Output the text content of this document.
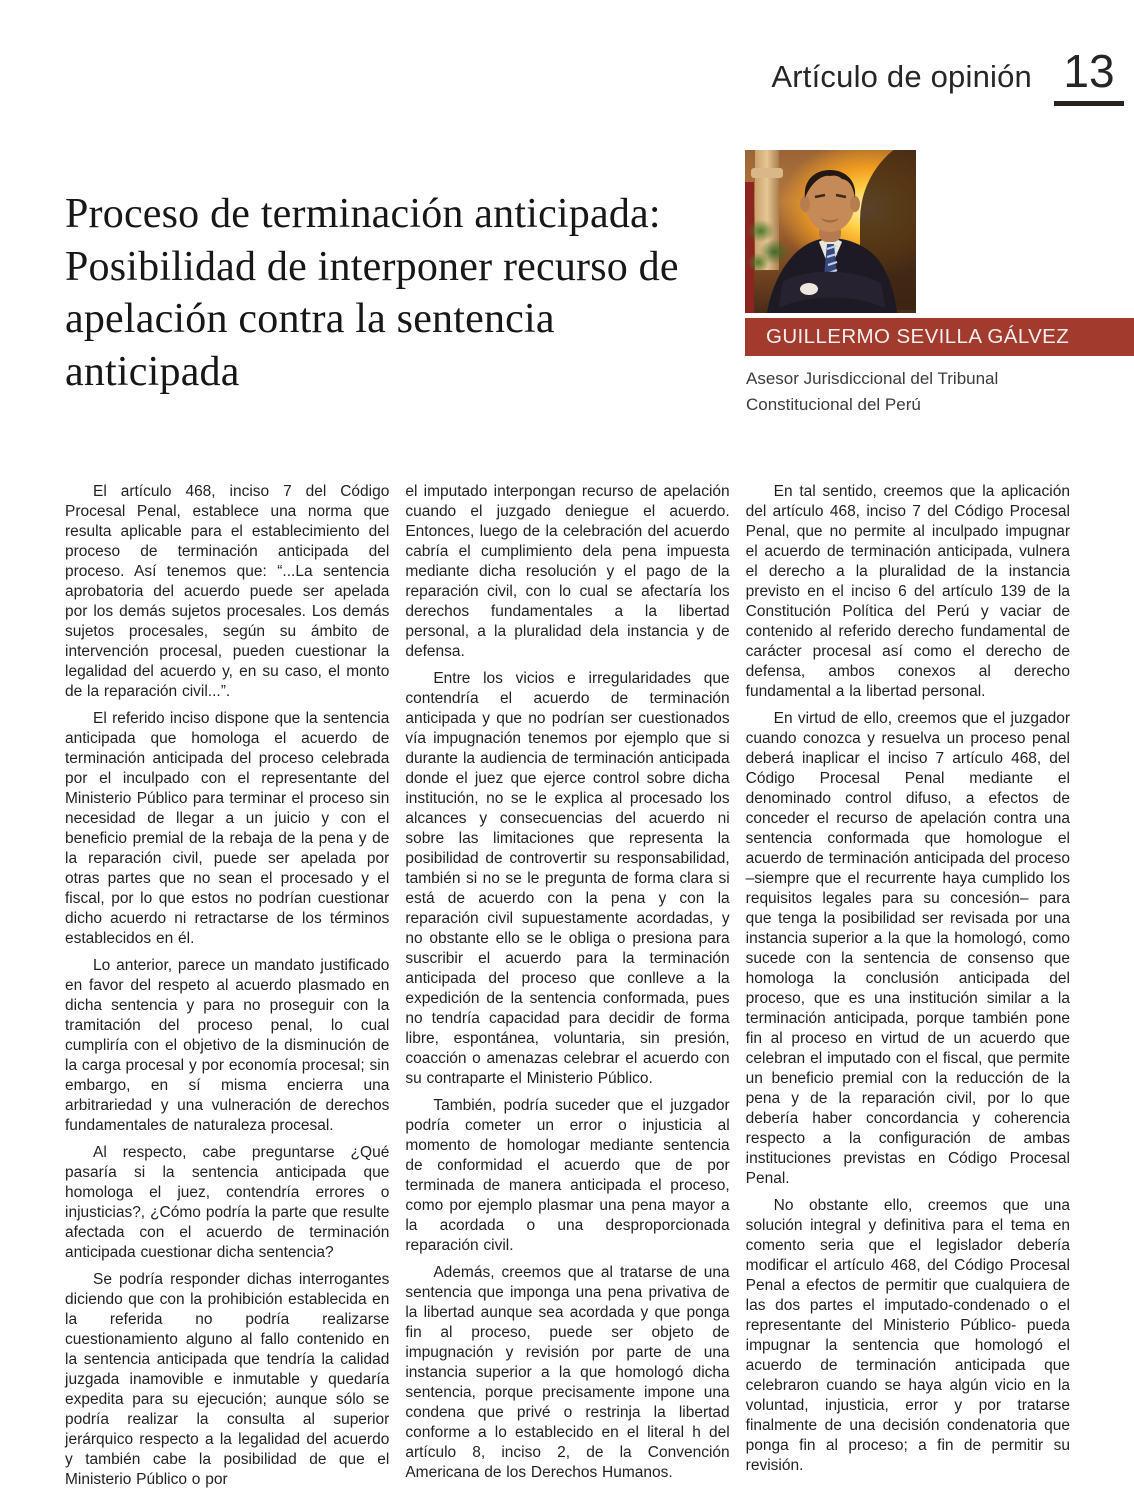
Artículo de opinión 13
Proceso de terminación anticipada: Posibilidad de interponer recurso de apelación contra la sentencia anticipada
GUILLERMO SEVILLA GÁLVEZ
Asesor Jurisdiccional del Tribunal Constitucional del Perú

El artículo 468, inciso 7 del Código Procesal Penal, establece una norma que resulta aplicable para el establecimiento del proceso de terminación anticipada del proceso. Así tenemos que: “...La sentencia aprobatoria del acuerdo puede ser apelada por los demás sujetos procesales. Los demás sujetos procesales, según su ámbito de intervención procesal, pueden cuestionar la legalidad del acuerdo y, en su caso, el monto de la reparación civil...”.

El referido inciso dispone que la sentencia anticipada que homologa el acuerdo de terminación anticipada del proceso celebrada por el inculpado con el representante del Ministerio Público para terminar el proceso sin necesidad de llegar a un juicio y con el beneficio premial de la rebaja de la pena y de la reparación civil, puede ser apelada por otras partes que no sean el procesado y el fiscal, por lo que estos no podrían cuestionar dicho acuerdo ni retractarse de los términos establecidos en él.

Lo anterior, parece un mandato justificado en favor del respeto al acuerdo plasmado en dicha sentencia y para no proseguir con la tramitación del proceso penal, lo cual cumpliría con el objetivo de la disminución de la carga procesal y por economía procesal; sin embargo, en sí misma encierra una arbitrariedad y una vulneración de derechos fundamentales de naturaleza procesal.

Al respecto, cabe preguntarse ¿Qué pasaría si la sentencia anticipada que homologa el juez, contendría errores o injusticias?, ¿Cómo podría la parte que resulte afectada con el acuerdo de terminación anticipada cuestionar dicha sentencia?

Se podría responder dichas interrogantes diciendo que con la prohibición establecida en la referida no podría realizarse cuestionamiento alguno al fallo contenido en la sentencia anticipada que tendría la calidad juzgada inamovible e inmutable y quedaría expedita para su ejecución; aunque sólo se podría realizar la consulta al superior jerárquico respecto a la legalidad del acuerdo y también cabe la posibilidad de que el Ministerio Público o por

el imputado interpongan recurso de apelación cuando el juzgado deniegue el acuerdo. Entonces, luego de la celebración del acuerdo cabría el cumplimiento dela pena impuesta mediante dicha resolución y el pago de la reparación civil, con lo cual se afectaría los derechos fundamentales a la libertad personal, a la pluralidad dela instancia y de defensa.

Entre los vicios e irregularidades que contendría el acuerdo de terminación anticipada y que no podrían ser cuestionados vía impugnación tenemos por ejemplo que si durante la audiencia de terminación anticipada donde el juez que ejerce control sobre dicha institución, no se le explica al procesado los alcances y consecuencias del acuerdo ni sobre las limitaciones que representa la posibilidad de controvertir su responsabilidad, también si no se le pregunta de forma clara si está de acuerdo con la pena y con la reparación civil supuestamente acordadas, y no obstante ello se le obliga o presiona para suscribir el acuerdo para la terminación anticipada del proceso que conlleve a la expedición de la sentencia conformada, pues no tendría capacidad para decidir de forma libre, espontánea, voluntaria, sin presión, coacción o amenazas celebrar el acuerdo con su contraparte el Ministerio Público.

También, podría suceder que el juzgador podría cometer un error o injusticia al momento de homologar mediante sentencia de conformidad el acuerdo que de por terminada de manera anticipada el proceso, como por ejemplo plasmar una pena mayor a la acordada o una desproporcionada reparación civil.

Además, creemos que al tratarse de una sentencia que imponga una pena privativa de la libertad aunque sea acordada y que ponga fin al proceso, puede ser objeto de impugnación y revisión por parte de una instancia superior a la que homologó dicha sentencia, porque precisamente impone una condena que privé o restrinja la libertad conforme a lo establecido en el literal h del artículo 8, inciso 2, de la Convención Americana de los Derechos Humanos.

En tal sentido, creemos que la aplicación del artículo 468, inciso 7 del Código Procesal Penal, que no permite al inculpado impugnar el acuerdo de terminación anticipada, vulnera el derecho a la pluralidad de la instancia previsto en el inciso 6 del artículo 139 de la Constitución Política del Perú y vaciar de contenido al referido derecho fundamental de carácter procesal así como el derecho de defensa, ambos conexos al derecho fundamental a la libertad personal.

En virtud de ello, creemos que el juzgador cuando conozca y resuelva un proceso penal deberá inaplicar el inciso 7 artículo 468, del Código Procesal Penal mediante el denominado control difuso, a efectos de conceder el recurso de apelación contra una sentencia conformada que homologue el acuerdo de terminación anticipada del proceso –siempre que el recurrente haya cumplido los requisitos legales para su concesión– para que tenga la posibilidad ser revisada por una instancia superior a la que la homologó, como sucede con la sentencia de consenso que homologa la conclusión anticipada del proceso, que es una institución similar a la terminación anticipada, porque también pone fin al proceso en virtud de un acuerdo que celebran el imputado con el fiscal, que permite un beneficio premial con la reducción de la pena y de la reparación civil, por lo que debería haber concordancia y coherencia respecto a la configuración de ambas instituciones previstas en Código Procesal Penal.

No obstante ello, creemos que una solución integral y definitiva para el tema en comento seria que el legislador debería modificar el artículo 468, del Código Procesal Penal a efectos de permitir que cualquiera de las dos partes el imputado-condenado o el representante del Ministerio Público- pueda impugnar la sentencia que homologó el acuerdo de terminación anticipada que celebraron cuando se haya algún vicio en la voluntad, injusticia, error y por tratarse finalmente de una decisión condenatoria que ponga fin al proceso; a fin de permitir su revisión.
